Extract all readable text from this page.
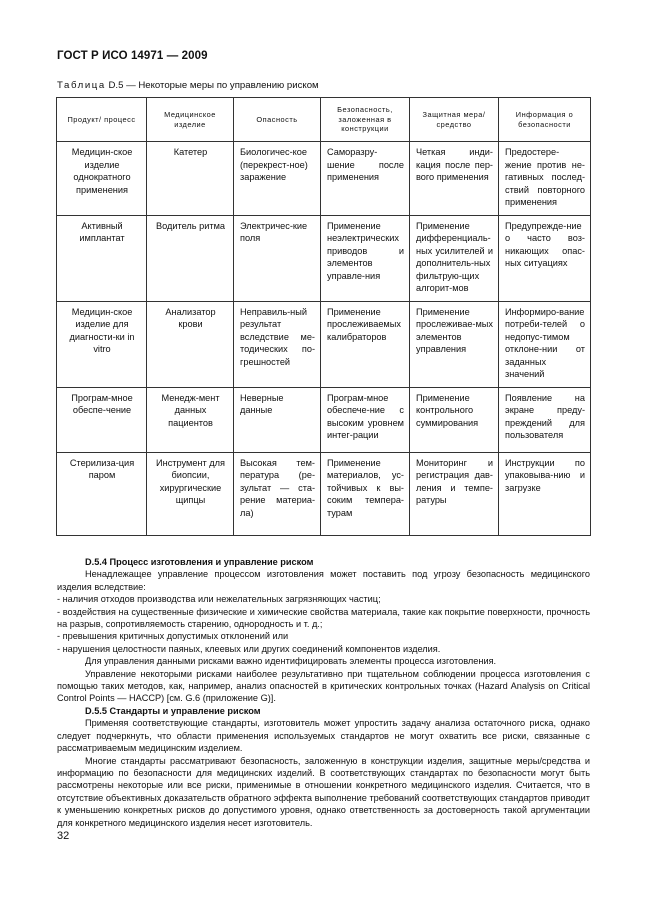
ГОСТ Р ИСО 14971 — 2009
Таблица D.5 — Некоторые меры по управлению риском
Продукт/ процесс	Медицинское изделие	Опасность	Безопасность, заложенная в конструкции	Защитная мера/ средство	Информация о безопасности
Медицин-ское изделие однократного применения	Катетер	Биологичес-кое (перекрест-ное) заражение	Саморазру-шение после применения	Четкая инди-кация после пер-вого применения	Предостере-жение против не-гативных послед-ствий повторного применения
Активный имплантат	Водитель ритма	Электричес-кие поля	Применение неэлектрических приводов и элементов управле-ния	Применение дифференциаль-ных усилителей и дополнитель-ных фильтрую-щих алгорит-мов	Предупрежде-ние о часто воз-никающих опас-ных ситуациях
Медицин-ское изделие для диагности-ки in vitro	Анализатор крови	Неправиль-ный результат вследствие ме-тодических по-грешностей	Применение прослеживаемых калибраторов	Применение прослеживае-мых элементов управления	Информиро-вание потреби-телей о недопус-тимом отклоне-нии от заданных значений
Програм-мное обеспе-чение	Менедж-мент данных пациентов	Неверные данные	Програм-мное обеспече-ние с высоким уровнем интег-рации	Применение контрольного суммирования	Появление на экране преду-преждений для пользователя
Стерилиза-ция паром	Инструмент для биопсии, хирургические щипцы	Высокая тем-пература (ре-зультат — ста-рение материа-ла)	Применение материалов, ус-тойчивых к вы-соким темпера-турам	Мониторинг и регистрация дав-ления и темпе-ратуры	Инструкции по упаковыва-нию и загрузке

D.5.4 Процесс изготовления и управление риском

Ненадлежащее управление процессом изготовления может поставить под угрозу безопасность медицинского изделия вследствие:

- наличия отходов производства или нежелательных загрязняющих частиц;

- воздействия на существенные физические и химические свойства материала, такие как покрытие поверхности, прочность на разрыв, сопротивляемость старению, однородность и т. д.;

- превышения критичных допустимых отклонений или

- нарушения целостности паяных, клеевых или других соединений компонентов изделия.

Для управления данными рисками важно идентифицировать элементы процесса изготовления.

Управление некоторыми рисками наиболее результативно при тщательном соблюдении процесса изготовления с помощью таких методов, как, например, анализ опасностей в критических контрольных точках (Hazard Analysis on Critical Control Points — HACCP) [см. G.6 (приложение G)].

D.5.5 Стандарты и управление риском

Применяя соответствующие стандарты, изготовитель может упростить задачу анализа остаточного риска, однако следует подчеркнуть, что области применения используемых стандартов не могут охватить все риски, связанные с рассматриваемым медицинским изделием.

Многие стандарты рассматривают безопасность, заложенную в конструкции изделия, защитные меры/средства и информацию по безопасности для медицинских изделий. В соответствующих стандартах по безопасности могут быть рассмотрены некоторые или все риски, применимые в отношении конкретного медицинского изделия. Считается, что в отсутствие объективных доказательств обратного эффекта выполнение требований соответствующих стандартов приводит к уменьшению конкретных рисков до допустимого уровня, однако ответственность за достоверность такой аргументации для конкретного медицинского изделия несет изготовитель.

32
